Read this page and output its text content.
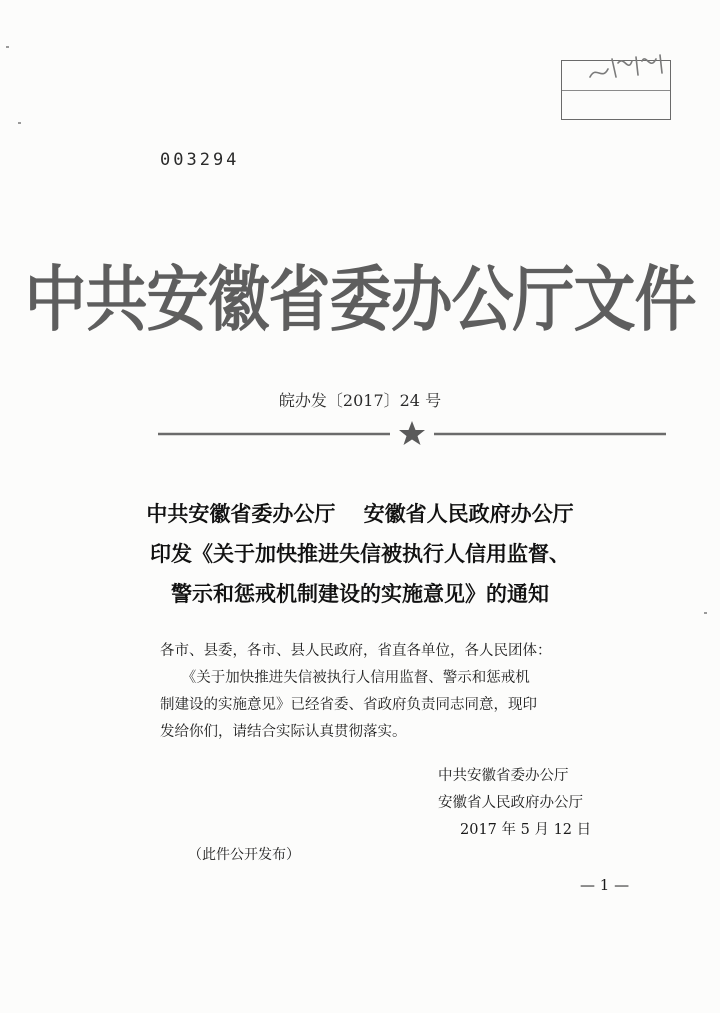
003294
中共安徽省委办公厅文件
皖办发〔2017〕24 号
中共安徽省委办公厅　 安徽省人民政府办公厅
印发《关于加快推进失信被执行人信用监督、
警示和惩戒机制建设的实施意见》的通知
各市、县委，各市、县人民政府，省直各单位，各人民团体：
　　《关于加快推进失信被执行人信用监督、警示和惩戒机
制建设的实施意见》已经省委、省政府负责同志同意，现印
发给你们，请结合实际认真贯彻落实。
中共安徽省委办公厅
安徽省人民政府办公厅
2017 年 5 月 12 日
（此件公开发布）
— 1 —
